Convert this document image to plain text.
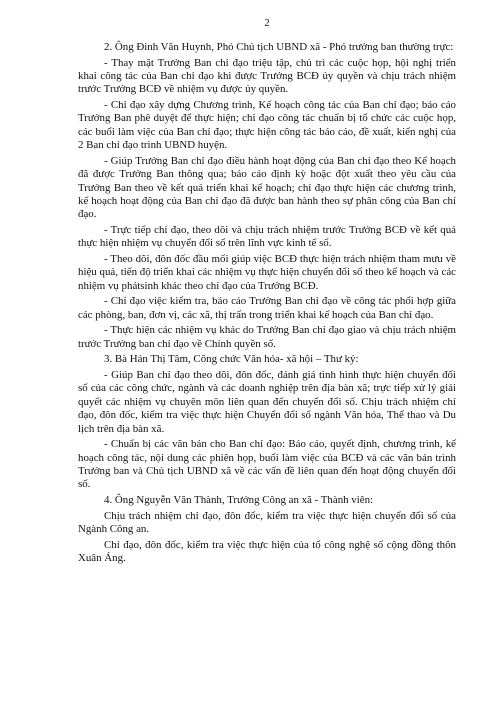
2

2. Ông Đinh Văn Huynh, Phó Chủ tịch UBND xã - Phó trưởng ban thường trực:

- Thay mặt Trưởng Ban chỉ đạo triệu tập, chủ trì các cuộc họp, hội nghị triển khai công tác của Ban chỉ đạo khi được Trưởng BCĐ ủy quyền và chịu trách nhiệm trước Trưởng BCĐ về nhiệm vụ được ủy quyền.

- Chỉ đạo xây dựng Chương trình, Kế hoạch công tác của Ban chỉ đạo; báo cáo Trưởng Ban phê duyệt để thực hiện; chỉ đạo công tác chuẩn bị tổ chức các cuộc họp, các buổi làm việc của Ban chỉ đạo; thực hiện công tác báo cáo, đề xuất, kiến nghị của 2 Ban chỉ đạo trình UBND huyện.

- Giúp Trưởng Ban chỉ đạo điều hành hoạt động của Ban chỉ đạo theo Kế hoạch đã được Trưởng Ban thông qua; báo cáo định kỳ hoặc đột xuất theo yêu cầu của Trưởng Ban theo về kết quả triển khai kế hoạch; chỉ đạo thực hiện các chương trình, kế hoạch hoạt động của Ban chỉ đạo đã được ban hành theo sự phân công của Ban chỉ đạo.

- Trực tiếp chỉ đạo, theo dõi và chịu trách nhiệm trước Trưởng BCĐ về kết quả thực hiện nhiệm vụ chuyển đổi số trên lĩnh vực kinh tế số.

- Theo dõi, đôn đốc đầu mối giúp việc BCĐ thực hiện trách nhiệm tham mưu về hiệu quả, tiến độ triển khai các nhiệm vụ thực hiện chuyển đổi số theo kế hoạch và các nhiệm vụ phátsinh khác theo chỉ đạo của Trưởng BCĐ.

- Chỉ đạo việc kiểm tra, báo cáo Trưởng Ban chỉ đạo về công tác phối hợp giữa các phòng, ban, đơn vị, các xã, thị trấn trong triển khai kế hoạch của Ban chỉ đạo.

- Thực hiện các nhiệm vụ khác do Trưởng Ban chỉ đạo giao và chịu trách nhiệm trước Trưởng ban chỉ đạo về Chính quyền số.

3. Bà Hán Thị Tâm, Công chức Văn hóa- xã hội – Thư ký:

- Giúp Ban chỉ đạo theo dõi, đôn đốc, đánh giá tình hình thực hiện chuyển đổi số của các công chức, ngành và các doanh nghiệp trên địa bàn xã; trực tiếp xử lý giải quyết các nhiệm vụ chuyên môn liên quan đến chuyển đổi số. Chịu trách nhiệm chỉ đạo, đôn đốc, kiểm tra việc thực hiện Chuyển đổi số ngành Văn hóa, Thể thao và Du lịch trên địa bàn xã.

- Chuẩn bị các văn bản cho Ban chỉ đạo: Báo cáo, quyết định, chương trình, kế hoạch công tác, nội dung các phiên họp, buổi làm việc của BCĐ và các văn bản trình Trưởng ban và Chủ tịch UBND xã về các vấn đề liên quan đến hoạt động chuyển đổi số.

4. Ông Nguyễn Văn Thành, Trưởng Công an xã - Thành viên:

Chịu trách nhiệm chỉ đạo, đôn đốc, kiểm tra việc thực hiện chuyển đổi số của Ngành Công an.

Chỉ đạo, đôn đốc, kiểm tra việc thực hiện của tổ công nghệ số cộng đồng thôn Xuân Áng.
